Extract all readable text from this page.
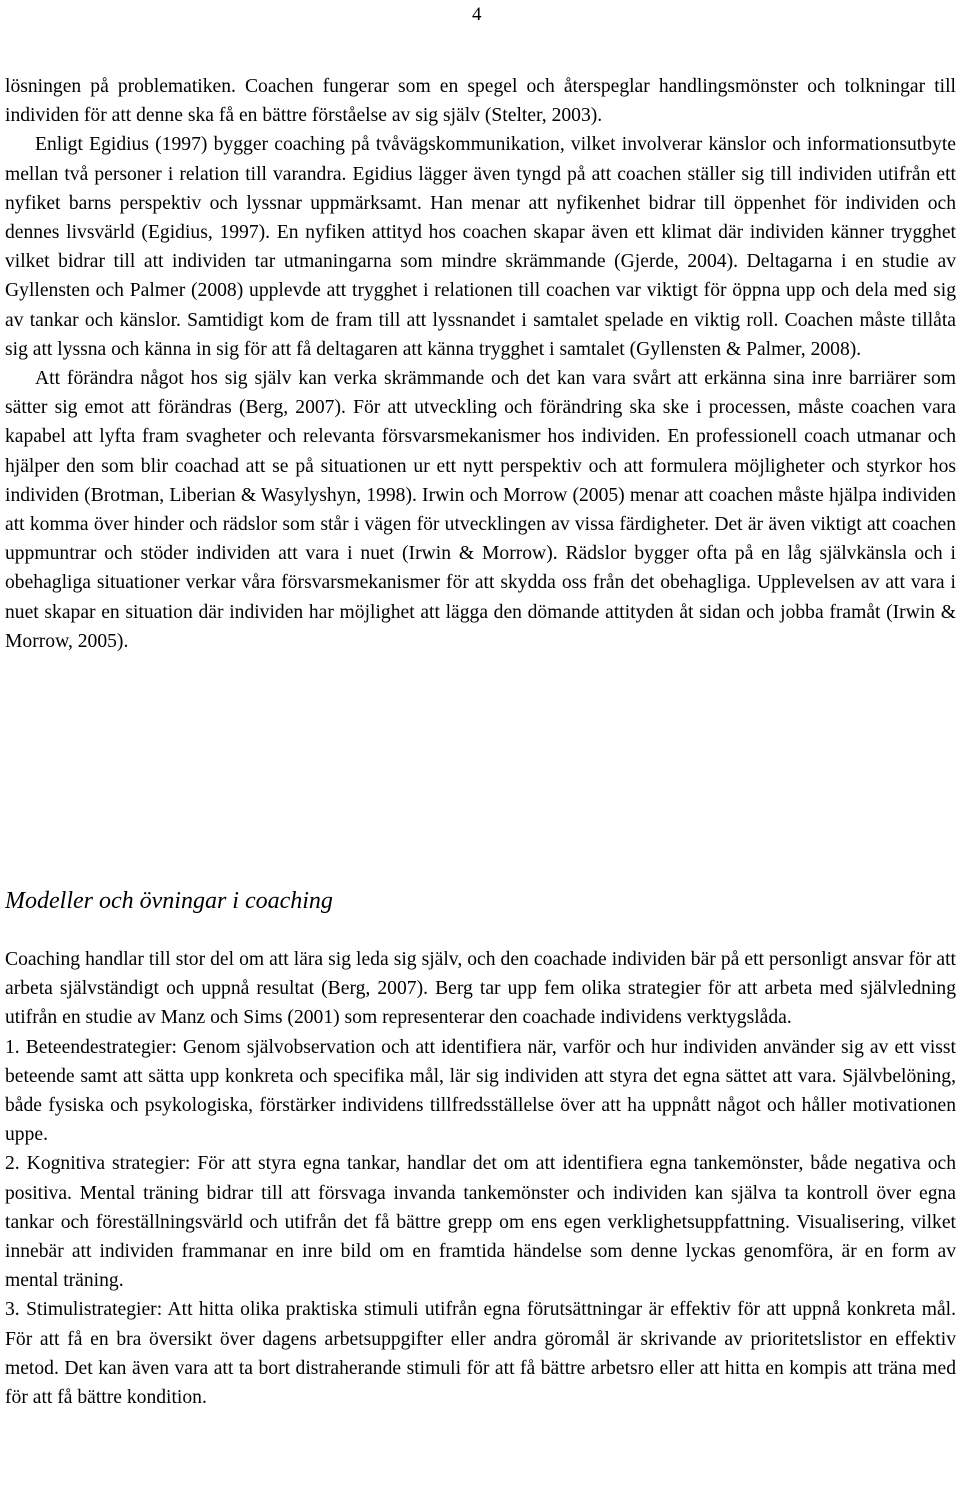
4

lösningen på problematiken. Coachen fungerar som en spegel och återspeglar handlingsmönster och tolkningar till individen för att denne ska få en bättre förståelse av sig själv (Stelter, 2003).

Enligt Egidius (1997) bygger coaching på tvåvägskommunikation, vilket involverar känslor och informationsutbyte mellan två personer i relation till varandra. Egidius lägger även tyngd på att coachen ställer sig till individen utifrån ett nyfiket barns perspektiv och lyssnar uppmärksamt. Han menar att nyfikenhet bidrar till öppenhet för individen och dennes livsvärld (Egidius, 1997). En nyfiken attityd hos coachen skapar även ett klimat där individen känner trygghet vilket bidrar till att individen tar utmaningarna som mindre skrämmande (Gjerde, 2004). Deltagarna i en studie av Gyllensten och Palmer (2008) upplevde att trygghet i relationen till coachen var viktigt för öppna upp och dela med sig av tankar och känslor. Samtidigt kom de fram till att lyssnandet i samtalet spelade en viktig roll. Coachen måste tillåta sig att lyssna och känna in sig för att få deltagaren att känna trygghet i samtalet (Gyllensten & Palmer, 2008).

Att förändra något hos sig själv kan verka skrämmande och det kan vara svårt att erkänna sina inre barriärer som sätter sig emot att förändras (Berg, 2007). För att utveckling och förändring ska ske i processen, måste coachen vara kapabel att lyfta fram svagheter och relevanta försvarsmekanismer hos individen. En professionell coach utmanar och hjälper den som blir coachad att se på situationen ur ett nytt perspektiv och att formulera möjligheter och styrkor hos individen (Brotman, Liberian & Wasylyshyn, 1998). Irwin och Morrow (2005) menar att coachen måste hjälpa individen att komma över hinder och rädslor som står i vägen för utvecklingen av vissa färdigheter. Det är även viktigt att coachen uppmuntrar och stöder individen att vara i nuet (Irwin & Morrow). Rädslor bygger ofta på en låg självkänsla och i obehagliga situationer verkar våra försvarsmekanismer för att skydda oss från det obehagliga. Upplevelsen av att vara i nuet skapar en situation där individen har möjlighet att lägga den dömande attityden åt sidan och jobba framåt (Irwin & Morrow, 2005).

Modeller och övningar i coaching

Coaching handlar till stor del om att lära sig leda sig själv, och den coachade individen bär på ett personligt ansvar för att arbeta självständigt och uppnå resultat (Berg, 2007). Berg tar upp fem olika strategier för att arbeta med självledning utifrån en studie av Manz och Sims (2001) som representerar den coachade individens verktygslåda.

1. Beteendestrategier: Genom självobservation och att identifiera när, varför och hur individen använder sig av ett visst beteende samt att sätta upp konkreta och specifika mål, lär sig individen att styra det egna sättet att vara. Självbelöning, både fysiska och psykologiska, förstärker individens tillfredsställelse över att ha uppnått något och håller motivationen uppe.

2. Kognitiva strategier: För att styra egna tankar, handlar det om att identifiera egna tankemönster, både negativa och positiva. Mental träning bidrar till att försvaga invanda tankemönster och individen kan själva ta kontroll över egna tankar och föreställningsvärld och utifrån det få bättre grepp om ens egen verklighetsuppfattning. Visualisering, vilket innebär att individen frammanar en inre bild om en framtida händelse som denne lyckas genomföra, är en form av mental träning.

3. Stimulistrategier: Att hitta olika praktiska stimuli utifrån egna förutsättningar är effektiv för att uppnå konkreta mål. För att få en bra översikt över dagens arbetsuppgifter eller andra göromål är skrivande av prioritetslistor en effektiv metod. Det kan även vara att ta bort distraherande stimuli för att få bättre arbetsro eller att hitta en kompis att träna med för att få bättre kondition.
